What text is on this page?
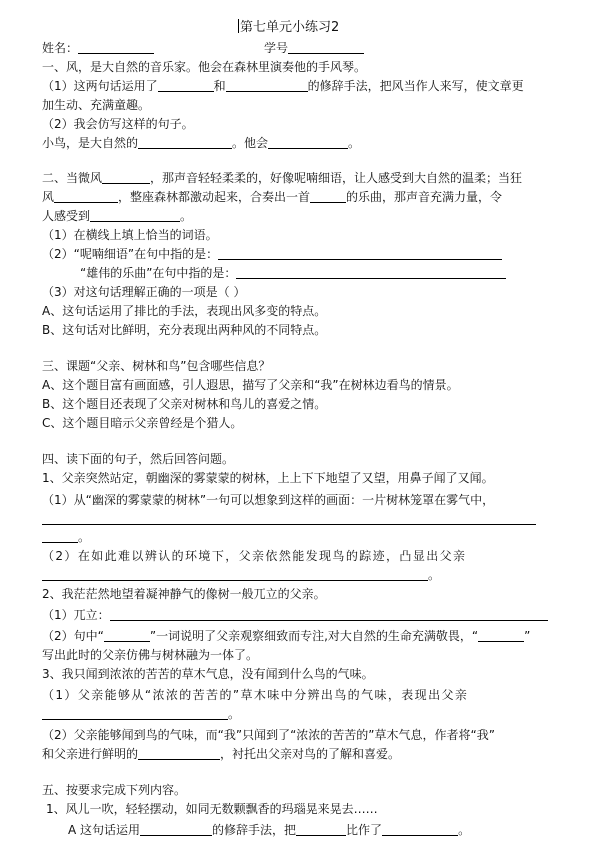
第七单元小练习2
姓名：	学号
一、风，是大自然的音乐家。他会在森林里演奏他的手风琴。
（1）这两句话运用了	和	的修辞手法，把风当作人来写，使文章更
加生动、充满童趣。
（2）我会仿写这样的句子。
小鸟，是大自然的	。他会	。
二、当微风	，那声音轻轻柔柔的，好像呢喃细语，让人感受到大自然的温柔；当狂
风	，整座森林都激动起来，合奏出一首	的乐曲，那声音充满力量，令
人感受到	。
（1）在横线上填上恰当的词语。
（2）“呢喃细语”在句中指的是：
“雄伟的乐曲”在句中指的是：
（3）对这句话理解正确的一项是（ ）
A、这句话运用了排比的手法，表现出风多变的特点。
B、这句话对比鲜明，充分表现出两种风的不同特点。
三、课题“父亲、树林和鸟”包含哪些信息？
A、这个题目富有画面感，引人遐思，描写了父亲和“我”在树林边看鸟的情景。
B、这个题目还表现了父亲对树林和鸟儿的喜爱之情。
C、这个题目暗示父亲曾经是个猎人。
四、读下面的句子，然后回答问题。
1、父亲突然站定，朝幽深的雾蒙蒙的树林，上上下下地望了又望，用鼻子闻了又闻。
（1）从“幽深的雾蒙蒙的树林”一句可以想象到这样的画面：一片树林笼罩在雾气中，
。
（2）在如此难以辨认的环境下，父亲依然能发现鸟的踪迹，凸显出父亲
。
2、我茫茫然地望着凝神静气的像树一般兀立的父亲。
（1）兀立：
（2）句中“	”一词说明了父亲观察细致而专注,对大自然的生命充满敬畏，“	”
写出此时的父亲仿佛与树林融为一体了。
3、我只闻到浓浓的苦苦的草木气息，没有闻到什么鸟的气味。
（1）父亲能够从“浓浓的苦苦的”草木味中分辨出鸟的气味，表现出父亲
。
（2）父亲能够闻到鸟的气味，而“我”只闻到了“浓浓的苦苦的”草木气息，作者将“我”
和父亲进行鲜明的	，衬托出父亲对鸟的了解和喜爱。
五、按要求完成下列内容。
1、风儿一吹，轻轻摆动，如同无数颗飘香的玛瑙晃来晃去……
A 这句话运用	的修辞手法，把	比作了	。
